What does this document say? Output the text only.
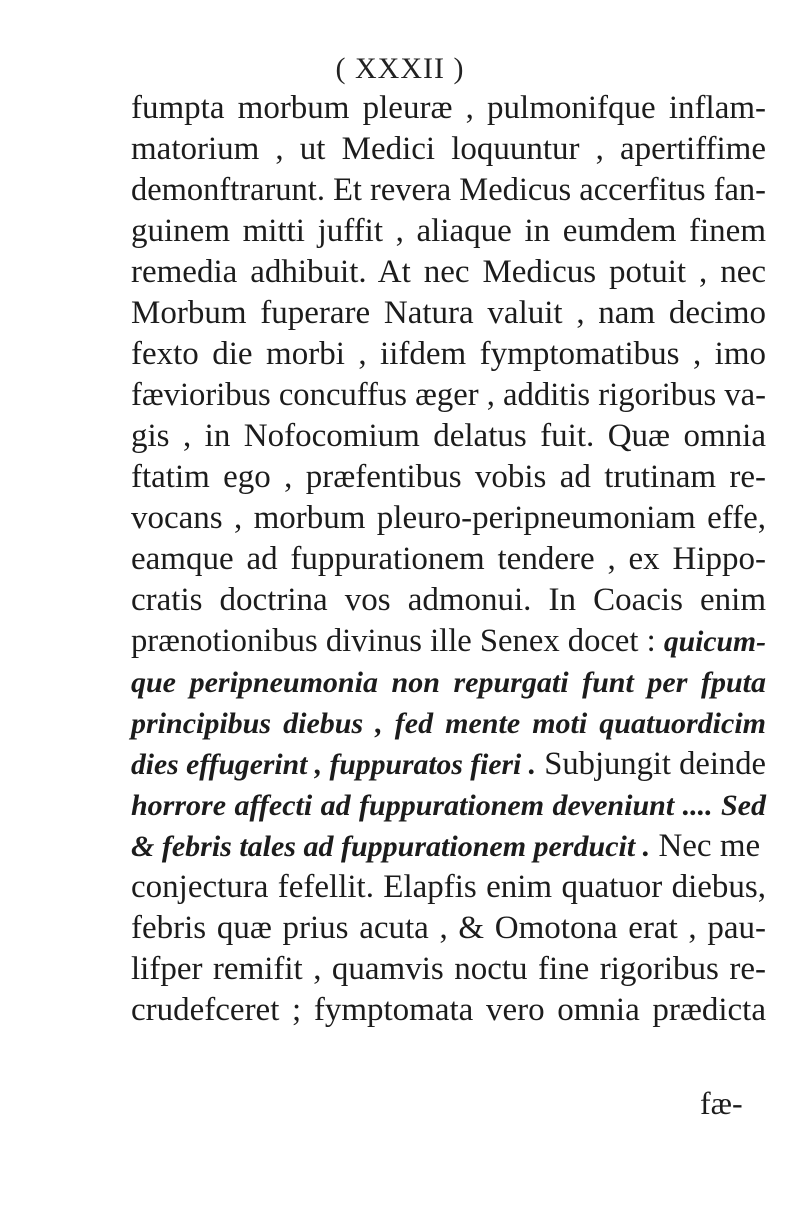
( XXXII )
fumpta morbum pleuræ , pulmonifque inflam-
matorium , ut Medici loquuntur , apertiffime
demonftrarunt. Et revera Medicus accerfitus fan-
guinem mitti juffit , aliaque in eumdem finem
remedia adhibuit. At nec Medicus potuit , nec
Morbum fuperare Natura valuit , nam decimo
fexto die morbi , iifdem fymptomatibus , imo
fævioribus concuffus æger , additis rigoribus va-
gis , in Nofocomium delatus fuit. Quæ omnia
ftatim ego , præfentibus vobis ad trutinam re-
vocans , morbum pleuro-peripneumoniam effe,
eamque ad fuppurationem tendere , ex Hippo-
cratis doctrina vos admonui. In Coacis enim
prænotionibus divinus ille Senex docet : quicum-
que peripneumonia non repurgati funt per fputa
principibus diebus , fed mente moti quatuordicim
dies effugerint , fuppuratos fieri . Subjungit deinde
horrore affecti ad fuppurationem deveniunt .... Sed
& febris tales ad fuppurationem perducit . Nec me
conjectura fefellit. Elapfis enim quatuor diebus,
febris quæ prius acuta , & Omotona erat , pau-
lifper remifit , quamvis noctu fine rigoribus re-
crudefceret ; fymptomata vero omnia prædicta
fæ-
